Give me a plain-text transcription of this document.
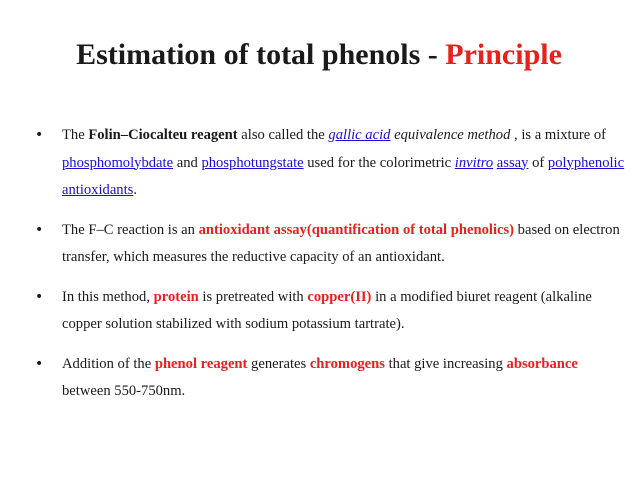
Estimation of total phenols - Principle
• The Folin–Ciocalteu reagent also called the gallic acid equivalence method , is a mixture of phosphomolybdate and phosphotungstate used for the colorimetric invitro assay of polyphenolic antioxidants.
• The F–C reaction is an antioxidant assay(quantification of total phenolics) based on electron transfer, which measures the reductive capacity of an antioxidant.
• In this method, protein is pretreated with copper(II) in a modified biuret reagent (alkaline copper solution stabilized with sodium potassium tartrate).
• Addition of the phenol reagent generates chromogens that give increasing absorbance between 550-750nm.
